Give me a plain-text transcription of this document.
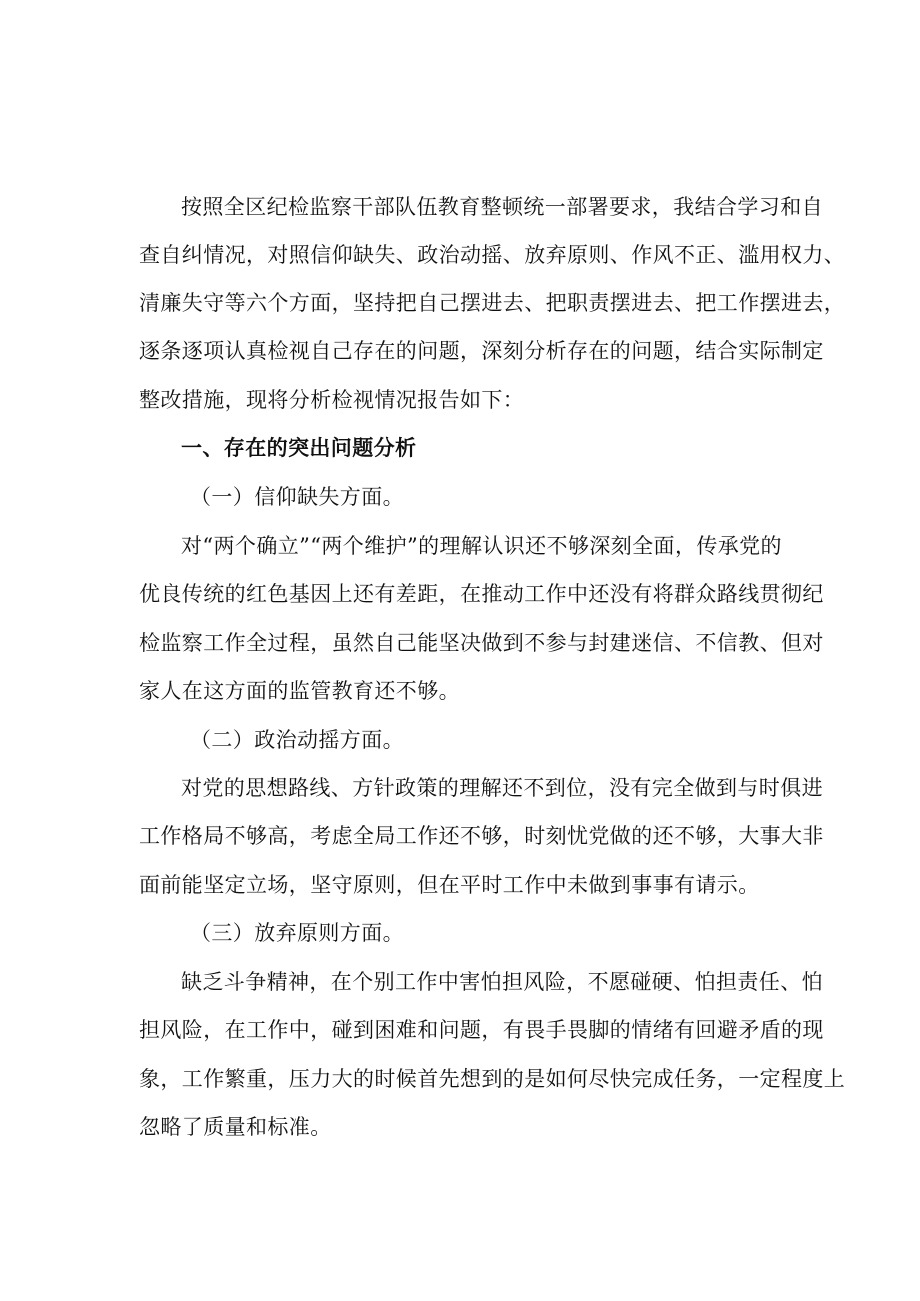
按照全区纪检监察干部队伍教育整顿统一部署要求，我结合学习和自

查自纠情况，对照信仰缺失、政治动摇、放弃原则、作风不正、滥用权力、

清廉失守等六个方面，坚持把自己摆进去、把职责摆进去、把工作摆进去，

逐条逐项认真检视自己存在的问题，深刻分析存在的问题，结合实际制定

整改措施，现将分析检视情况报告如下：

一、存在的突出问题分析

（一）信仰缺失方面。

对“两个确立”“两个维护”的理解认识还不够深刻全面，传承党的

优良传统的红色基因上还有差距，在推动工作中还没有将群众路线贯彻纪

检监察工作全过程，虽然自己能坚决做到不参与封建迷信、不信教、但对

家人在这方面的监管教育还不够。

（二）政治动摇方面。

对党的思想路线、方针政策的理解还不到位，没有完全做到与时俱进

工作格局不够高，考虑全局工作还不够，时刻忧党做的还不够，大事大非

面前能坚定立场，坚守原则，但在平时工作中未做到事事有请示。

（三）放弃原则方面。

缺乏斗争精神，在个别工作中害怕担风险，不愿碰硬、怕担责任、怕

担风险，在工作中，碰到困难和问题，有畏手畏脚的情绪有回避矛盾的现

象，工作繁重，压力大的时候首先想到的是如何尽快完成任务，一定程度上

忽略了质量和标准。
